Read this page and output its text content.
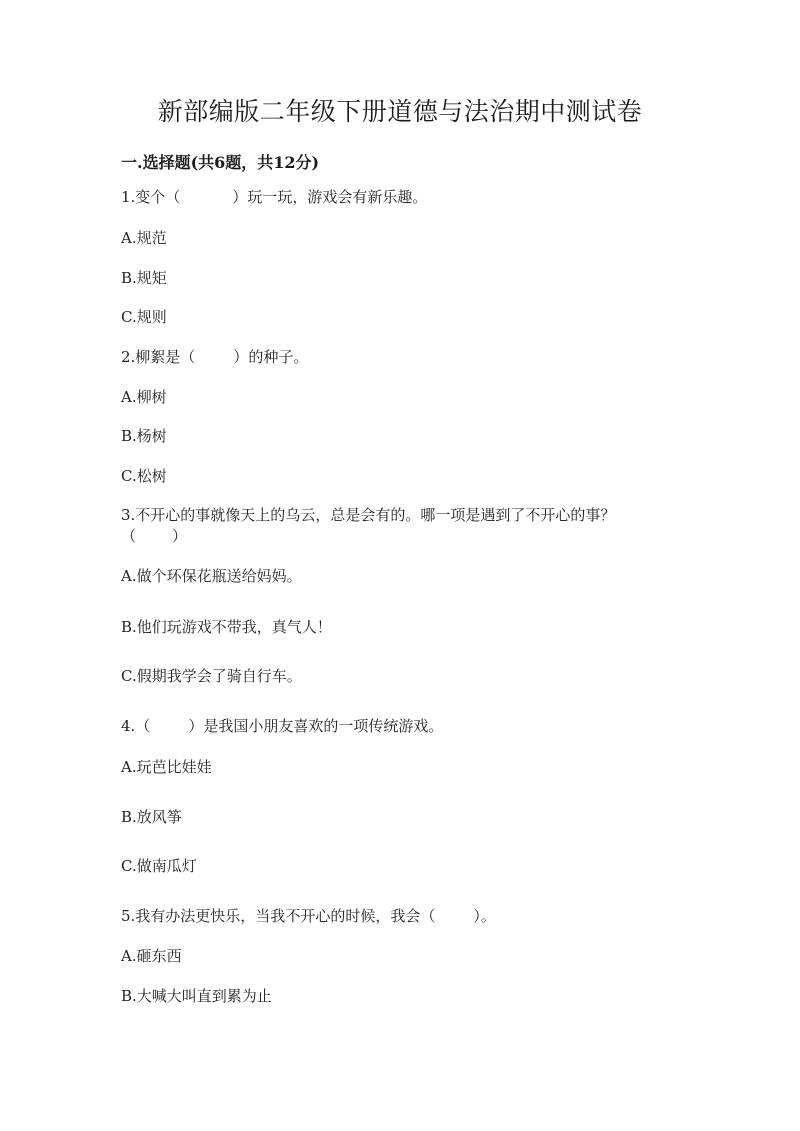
新部编版二年级下册道德与法治期中测试卷
一.选择题(共6题，共12分)
1.变个（	）玩一玩，游戏会有新乐趣。
A.规范
B.规矩
C.规则
2.柳絮是（	）的种子。
A.柳树
B.杨树
C.松树
3.不开心的事就像天上的乌云，总是会有的。哪一项是遇到了不开心的事？
（ ）
A.做个环保花瓶送给妈妈。
B.他们玩游戏不带我，真气人！
C.假期我学会了骑自行车。
4.（	）是我国小朋友喜欢的一项传统游戏。
A.玩芭比娃娃
B.放风筝
C.做南瓜灯
5.我有办法更快乐，当我不开心的时候，我会（	）。
A.砸东西
B.大喊大叫直到累为止
